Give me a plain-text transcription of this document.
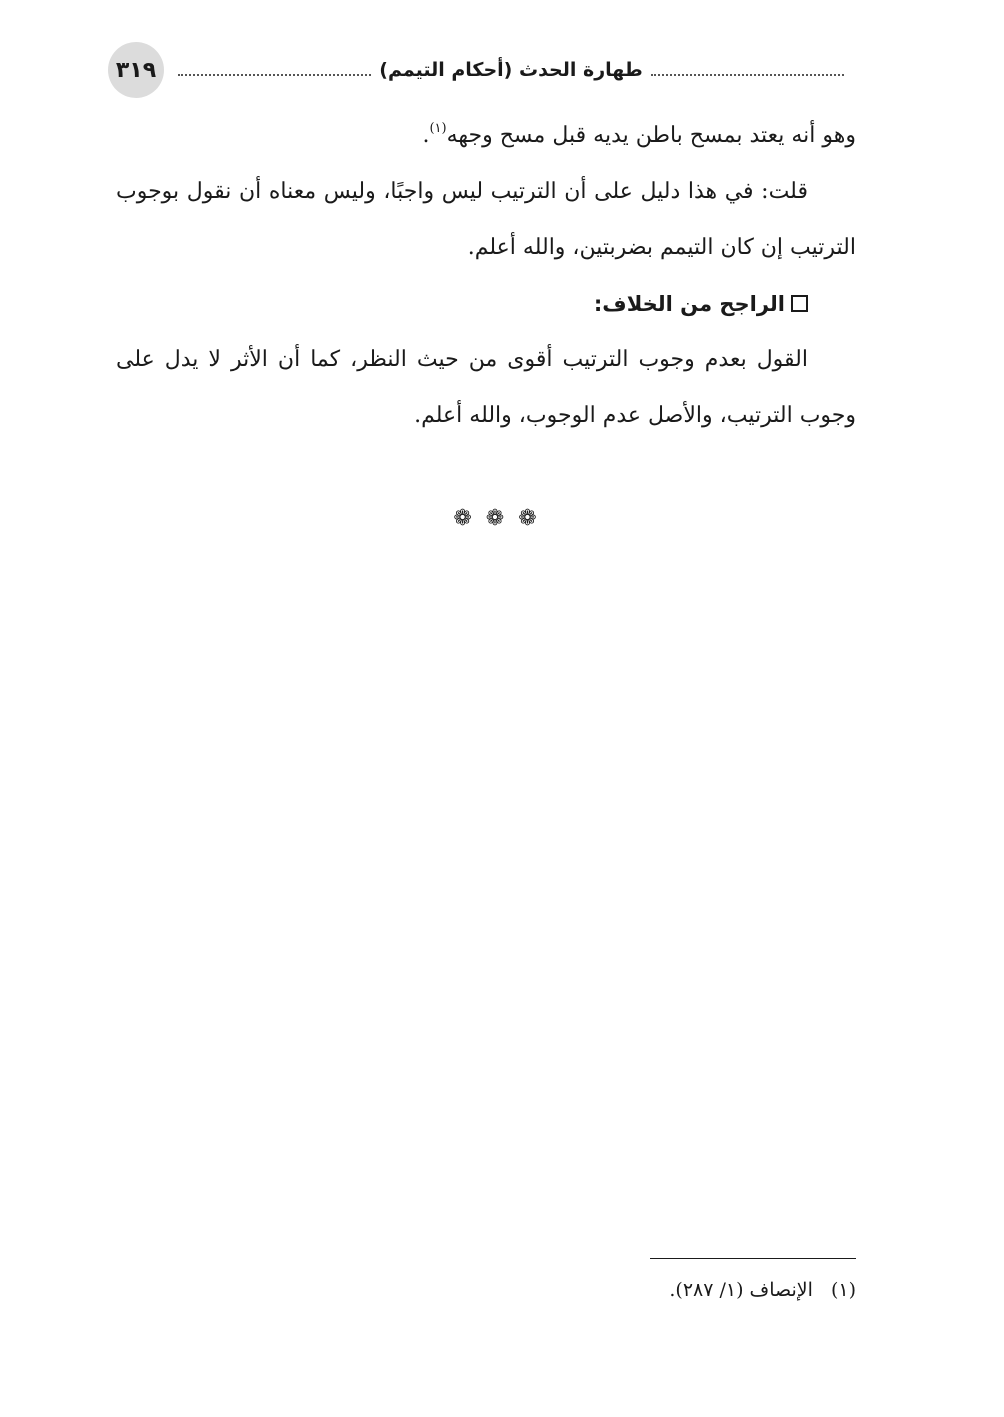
٣١٩	طهارة الحدث (أحكام التيمم)

وهو أنه يعتد بمسح باطن يديه قبل مسح وجهه$^{(١)}$.

قلت: في هذا دليل على أن الترتيب ليس واجبًا، وليس معناه أن نقول بوجوب الترتيب إن كان التيمم بضربتين، والله أعلم.

الراجح من الخلاف:

القول بعدم وجوب الترتيب أقوى من حيث النظر، كما أن الأثر لا يدل على وجوب الترتيب، والأصل عدم الوجوب، والله أعلم.

❁❁❁
(١)الإنصاف (١/ ٢٨٧).
